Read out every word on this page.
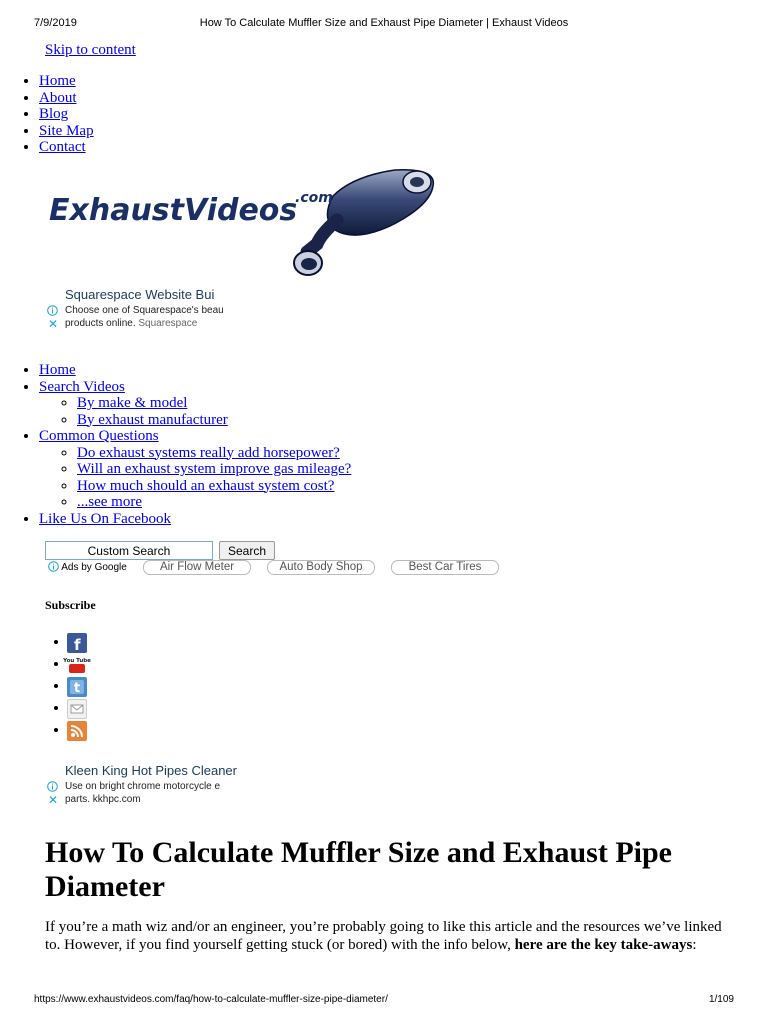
7/9/2019	How To Calculate Muffler Size and Exhaust Pipe Diameter | Exhaust Videos
Skip to content
• Home
• About
• Blog
• Site Map
• Contact
ExhaustVideos
.com
Squarespace Website Bui
Choose one of Squarespace's beau products online. Squarespace
✕
• Home
• Search Videos
◦ By make & model
◦ By exhaust manufacturer
• Common Questions
◦ Do exhaust systems really add horsepower?
◦ Will an exhaust system improve gas mileage?
◦ How much should an exhaust system cost?
◦ ...see more
• Like Us On Facebook
Custom Search
Search
Ads by Google	Air Flow Meter	Auto Body Shop	Best Car Tires
Subscribe
• f
• You Tube
• t
•
•
Kleen King Hot Pipes Cleaner
Use on bright chrome motorcycle e parts. kkhpc.com
✕
How To Calculate Muffler Size and Exhaust Pipe Diameter

If you’re a math wiz and/or an engineer, you’re probably going to like this article and the resources we’ve linked to. However, if you find yourself getting stuck (or bored) with the info below, here are the key take-aways:

https://www.exhaustvideos.com/faq/how-to-calculate-muffler-size-pipe-diameter/	1/109
